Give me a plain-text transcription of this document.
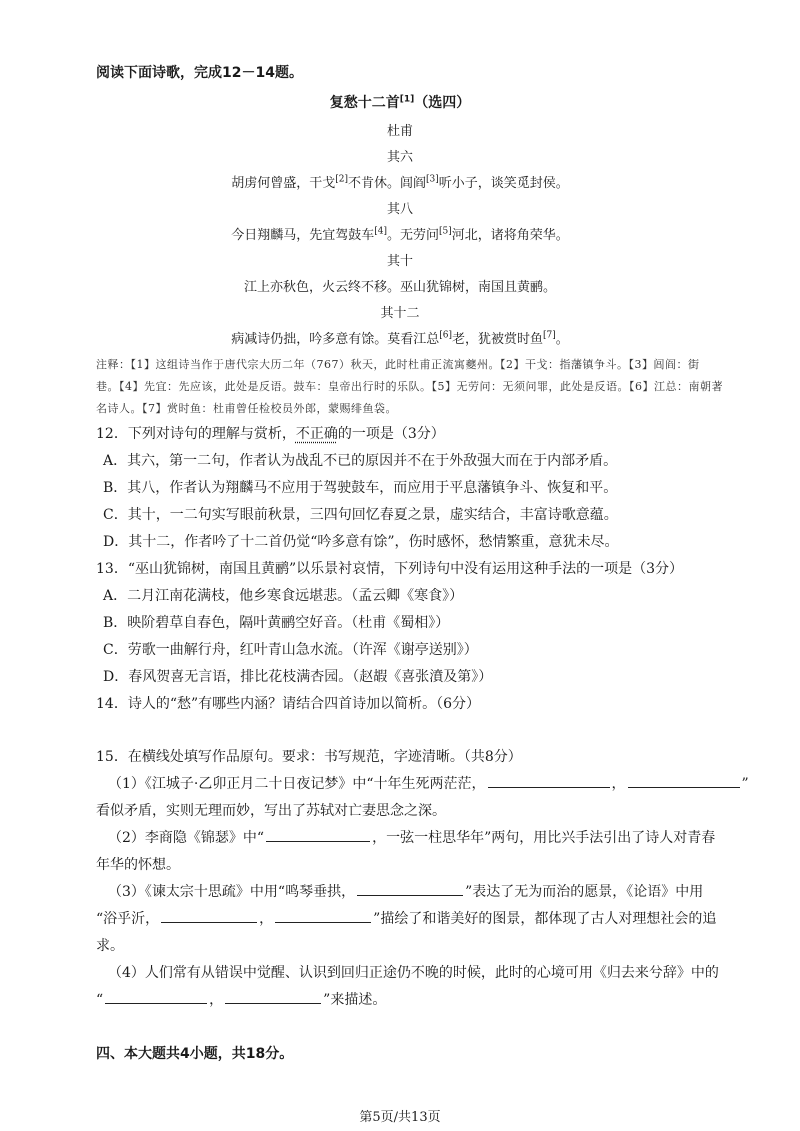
阅读下面诗歌，完成12－14题。
复愁十二首[1]（选四）
杜甫
其六
胡虏何曾盛，干戈[2]不肯休。闾阎[3]听小子，谈笑觅封侯。
其八
今日翔麟马，先宜驾鼓车[4]。无劳问[5]河北，诸将角荣华。
其十
江上亦秋色，火云终不移。巫山犹锦树，南国且黄鹂。
其十二
病减诗仍拙，吟多意有馀。莫看江总[6]老，犹被赏时鱼[7]。
注释：【1】这组诗当作于唐代宗大历二年（767）秋天，此时杜甫正流寓夔州。【2】干戈：指藩镇争斗。【3】闾阎：街
巷。【4】先宜：先应该，此处是反语。鼓车：皇帝出行时的乐队。【5】无劳问：无须问罪，此处是反语。【6】江总：南朝著
名诗人。【7】赏时鱼：杜甫曾任检校员外郎，蒙赐绯鱼袋。
12．下列对诗句的理解与赏析，不正确的一项是（3分）
A．其六，第一二句，作者认为战乱不已的原因并不在于外敌强大而在于内部矛盾。
B．其八，作者认为翔麟马不应用于驾驶鼓车，而应用于平息藩镇争斗、恢复和平。
C．其十，一二句实写眼前秋景，三四句回忆春夏之景，虚实结合，丰富诗歌意蕴。
D．其十二，作者吟了十二首仍觉“吟多意有馀”，伤时感怀，愁情繁重，意犹未尽。
13．“巫山犹锦树，南国且黄鹂”以乐景衬哀情，下列诗句中没有运用这种手法的一项是（3分）
A．二月江南花满枝，他乡寒食远堪悲。（孟云卿《寒食》）
B．映阶碧草自春色，隔叶黄鹂空好音。（杜甫《蜀相》）
C．劳歌一曲解行舟，红叶青山急水流。（许浑《谢亭送别》）
D．春风贺喜无言语，排比花枝满杏园。（赵嘏《喜张濆及第》）
14．诗人的“愁”有哪些内涵？请结合四首诗加以简析。（6分）
15．在横线处填写作品原句。要求：书写规范，字迹清晰。（共8分）
（1）《江城子·乙卯正月二十日夜记梦》中“十年生死两茫茫，	，	”
看似矛盾，实则无理而妙，写出了苏轼对亡妻思念之深。
（2）李商隐《锦瑟》中“	，一弦一柱思华年”两句，用比兴手法引出了诗人对青春
年华的怀想。
（3）《谏太宗十思疏》中用“鸣琴垂拱，	”表达了无为而治的愿景，《论语》中用
“浴乎沂，	，	”描绘了和谐美好的图景，都体现了古人对理想社会的追
求。
（4）人们常有从错误中觉醒、认识到回归正途仍不晚的时候，此时的心境可用《归去来兮辞》中的
“	，	”来描述。
四、本大题共4小题，共18分。
第5页/共13页
